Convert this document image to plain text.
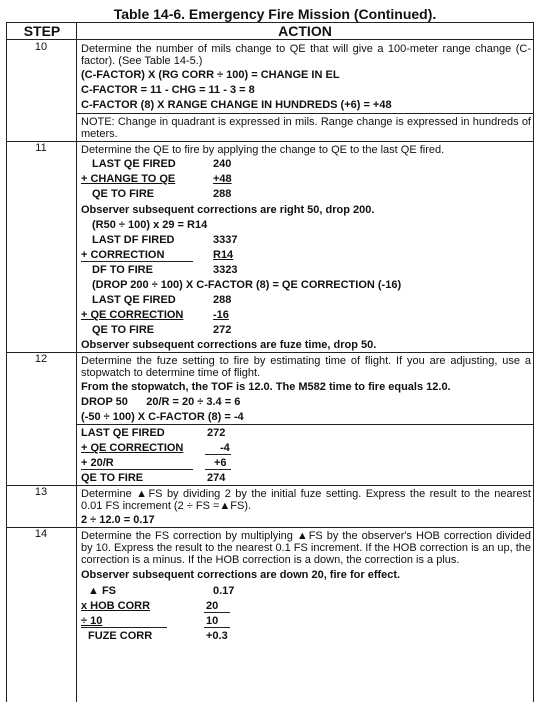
Table 14-6. Emergency Fire Mission (Continued).
STEP	ACTION
10	Determine the number of mils change to QE that will give a 100-meter range change (C-factor). (See Table 14-5.)
(C-FACTOR) X (RG CORR ÷ 100) = CHANGE IN EL
C-FACTOR = 11 - CHG = 11 - 3 = 8
C-FACTOR (8) X RANGE CHANGE IN HUNDREDS (+6) = +48
NOTE: Change in quadrant is expressed in mils. Range change is expressed in hundreds of meters.
11	Determine the QE to fire by applying the change to QE to the last QE fired.
LAST QE FIRED	240
+ CHANGE TO QE	+48
QE TO FIRE	288
Observer subsequent corrections are right 50, drop 200.
(R50 ÷ 100) x 29 = R14
LAST DF FIRED	3337
+ CORRECTION	R14
DF TO FIRE	3323
(DROP 200 ÷ 100) X C-FACTOR (8) = QE CORRECTION (-16)
LAST QE FIRED	288
+ QE CORRECTION	-16
QE TO FIRE	272
Observer subsequent corrections are fuze time, drop 50.
12	Determine the fuze setting to fire by estimating time of flight. If you are adjusting, use a stopwatch to determine time of flight.
From the stopwatch, the TOF is 12.0. The M582 time to fire equals 12.0.
DROP 50      20/R = 20 ÷ 3.4 = 6
(-50 ÷ 100) X C-FACTOR (8) = -4
LAST QE FIRED	272
+ QE CORRECTION	-4
+ 20/R	+6
QE TO FIRE	274
13	Determine ▲FS by dividing 2 by the initial fuze setting. Express the result to the nearest 0.01 FS increment (2 ÷ FS =▲FS).
2 ÷ 12.0 = 0.17
14	Determine the FS correction by multiplying ▲FS by the observer's HOB correction divided by 10. Express the result to the nearest 0.1 FS increment. If the HOB correction is an up, the correction is a minus. If the HOB correction is a down, the correction is a plus.
Observer subsequent corrections are down 20, fire for effect.
▲ FS	0.17
x HOB CORR	20
÷ 10	10
FUZE CORR	+0.3
